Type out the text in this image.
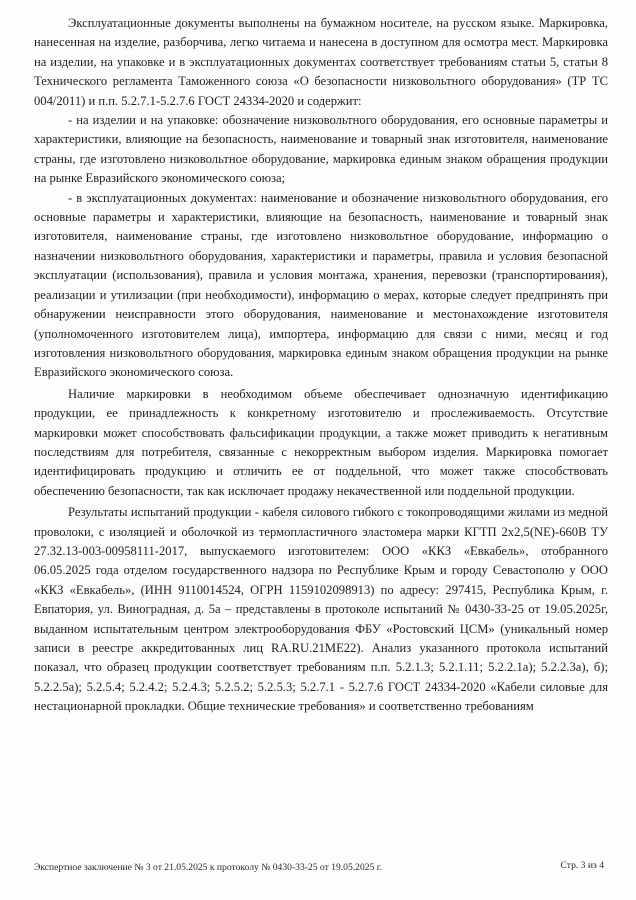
Эксплуатационные документы выполнены на бумажном носителе, на русском языке. Маркировка, нанесенная на изделие, разборчива, легко читаема и нанесена в доступном для осмотра мест. Маркировка на изделии, на упаковке и в эксплуатационных документах соответствует требованиям статьи 5, статьи 8 Технического регламента Таможенного союза «О безопасности низковольтного оборудования» (ТР ТС 004/2011) и п.п. 5.2.7.1-5.2.7.6 ГОСТ 24334-2020 и содержит:

- на изделии и на упаковке: обозначение низковольтного оборудования, его основные параметры и характеристики, влияющие на безопасность, наименование и товарный знак изготовителя, наименование страны, где изготовлено низковольтное оборудование, маркировка единым знаком обращения продукции на рынке Евразийского экономического союза;

- в эксплуатационных документах: наименование и обозначение низковольтного оборудования, его основные параметры и характеристики, влияющие на безопасность, наименование и товарный знак изготовителя, наименование страны, где изготовлено низковольтное оборудование, информацию о назначении низковольтного оборудования, характеристики и параметры, правила и условия безопасной эксплуатации (использования), правила и условия монтажа, хранения, перевозки (транспортирования), реализации и утилизации (при необходимости), информацию о мерах, которые следует предпринять при обнаружении неисправности этого оборудования, наименование и местонахождение изготовителя (уполномоченного изготовителем лица), импортера, информацию для связи с ними, месяц и год изготовления низковольтного оборудования, маркировка единым знаком обращения продукции на рынке Евразийского экономического союза.

Наличие маркировки в необходимом объеме обеспечивает однозначную идентификацию продукции, ее принадлежность к конкретному изготовителю и прослеживаемость. Отсутствие маркировки может способствовать фальсификации продукции, а также может приводить к негативным последствиям для потребителя, связанные с некорректным выбором изделия. Маркировка помогает идентифицировать продукцию и отличить ее от поддельной, что может также способствовать обеспечению безопасности, так как исключает продажу некачественной или поддельной продукции.

Результаты испытаний продукции - кабеля силового гибкого с токопроводящими жилами из медной проволоки, с изоляцией и оболочкой из термопластичного эластомера марки КГТП 2х2,5(NE)-660В ТУ 27.32.13-003-00958111-2017, выпускаемого изготовителем: ООО «ККЗ «Евкабель», отобранного 06.05.2025 года отделом государственного надзора по Республике Крым и городу Севастополю у ООО «ККЗ «Евкабель», (ИНН 9110014524, ОГРН 1159102098913) по адресу: 297415, Республика Крым, г. Евпатория, ул. Виноградная, д. 5а – представлены в протоколе испытаний № 0430-33-25 от 19.05.2025г, выданном испытательным центром электрооборудования ФБУ «Ростовский ЦСМ» (уникальный номер записи в реестре аккредитованных лиц RA.RU.21МЕ22). Анализ указанного протокола испытаний показал, что образец продукции соответствует требованиям п.п. 5.2.1.3; 5.2.1.11; 5.2.2.1а); 5.2.2.3а), б); 5.2.2.5а); 5.2.5.4; 5.2.4.2; 5.2.4.3; 5.2.5.2; 5.2.5.3; 5.2.7.1 - 5.2.7.6 ГОСТ 24334-2020 «Кабели силовые для нестационарной прокладки. Общие технические требования» и соответственно требованиям

Экспертное заключение № 3 от 21.05.2025 к протоколу № 0430-33-25 от 19.05.2025 г.	Стр. 3 из 4
